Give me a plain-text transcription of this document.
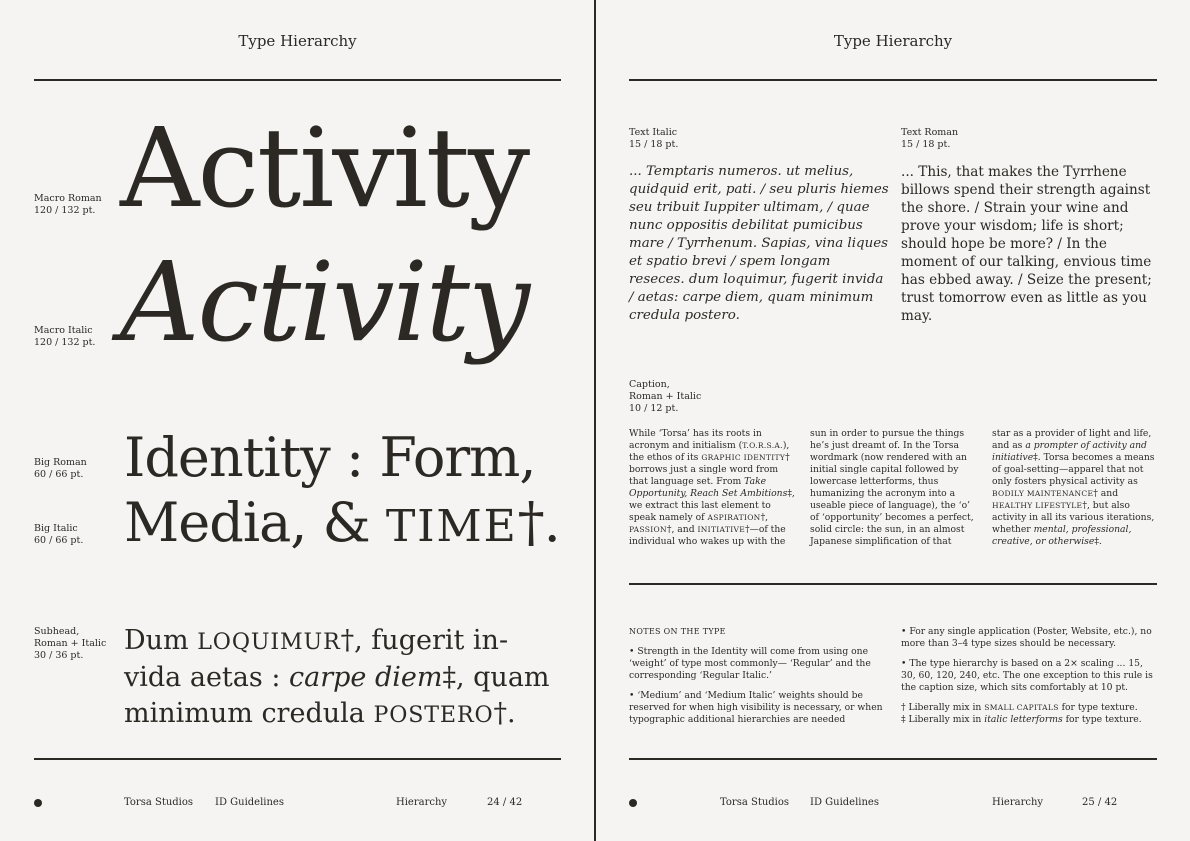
Type Hierarchy
Macro Roman
120 / 132 pt. Activity
Macro Italic
120 / 132 pt. Activity
Big Roman
60 / 66 pt. Identity : Form,
Big Italic
60 / 66 pt. Media, & TIME†.
Subhead,
Roman + Italic
30 / 36 pt.	Dum LOQUIMUR†, fugerit in-
vida aetas : carpe diem‡, quam
minimum credula POSTERO†.
Torsa Studios ID Guidelines	Hierarchy	24 / 42
Type Hierarchy
Text Italic
15 / 18 pt.
... Temptaris numeros. ut melius, quidquid erit, pati. / seu pluris hiemes seu tribuit Iuppiter ultimam, / quae nunc oppositis debilitat pumicibus mare / Tyrrhenum. Sapias, vina liques et spatio brevi / spem longam reseces. dum loquimur, fugerit invida / aetas: carpe diem, quam minimum credula postero.
Text Roman
15 / 18 pt.
... This, that makes the Tyrrhene billows spend their strength against the shore. / Strain your wine and prove your wisdom; life is short; should hope be more? / In the moment of our talking, envious time has ebbed away. / Seize the present; trust tomorrow even as little as you may.
Caption,
Roman + Italic
10 / 12 pt.
While ‘Torsa’ has its roots in acronym and initialism (T.O.R.S.A.), the ethos of its GRAPHIC IDENTITY† borrows just a single word from that language set. From Take Opportunity, Reach Set Ambitions‡, we extract this last element to speak namely of ASPIRATION†, PASSION†, and INITIATIVE†—of the individual who wakes up with the
sun in order to pursue the things he’s just dreamt of. In the Torsa wordmark (now rendered with an initial single capital followed by lowercase letterforms, thus humanizing the acronym into a useable piece of language), the ‘o’ of ‘opportunity’ becomes a perfect, solid circle: the sun, in an almost Japanese simplification of that
star as a provider of light and life, and as a prompter of activity and initiative‡. Torsa becomes a means of goal-setting—apparel that not only fosters physical activity as BODILY MAINTENANCE† and HEALTHY LIFESTYLE†, but also activity in all its various iterations, whether mental, professional, creative, or otherwise‡.

NOTES ON THE TYPE

• Strength in the Identity will come from using one ‘weight’ of type most commonly— ‘Regular’ and the corresponding ‘Regular Italic.’

• ‘Medium’ and ‘Medium Italic’ weights should be reserved for when high visibility is necessary, or when typographic additional hierarchies are needed

• For any single application (Poster, Website, etc.), no more than 3–4 type sizes should be necessary.

• The type hierarchy is based on a 2× scaling ... 15, 30, 60, 120, 240, etc. The one exception to this rule is the caption size, which sits comfortably at 10 pt.

† Liberally mix in SMALL CAPITALS for type texture.

‡ Liberally mix in italic letterforms for type texture.

Torsa Studios ID Guidelines	Hierarchy	25 / 42
